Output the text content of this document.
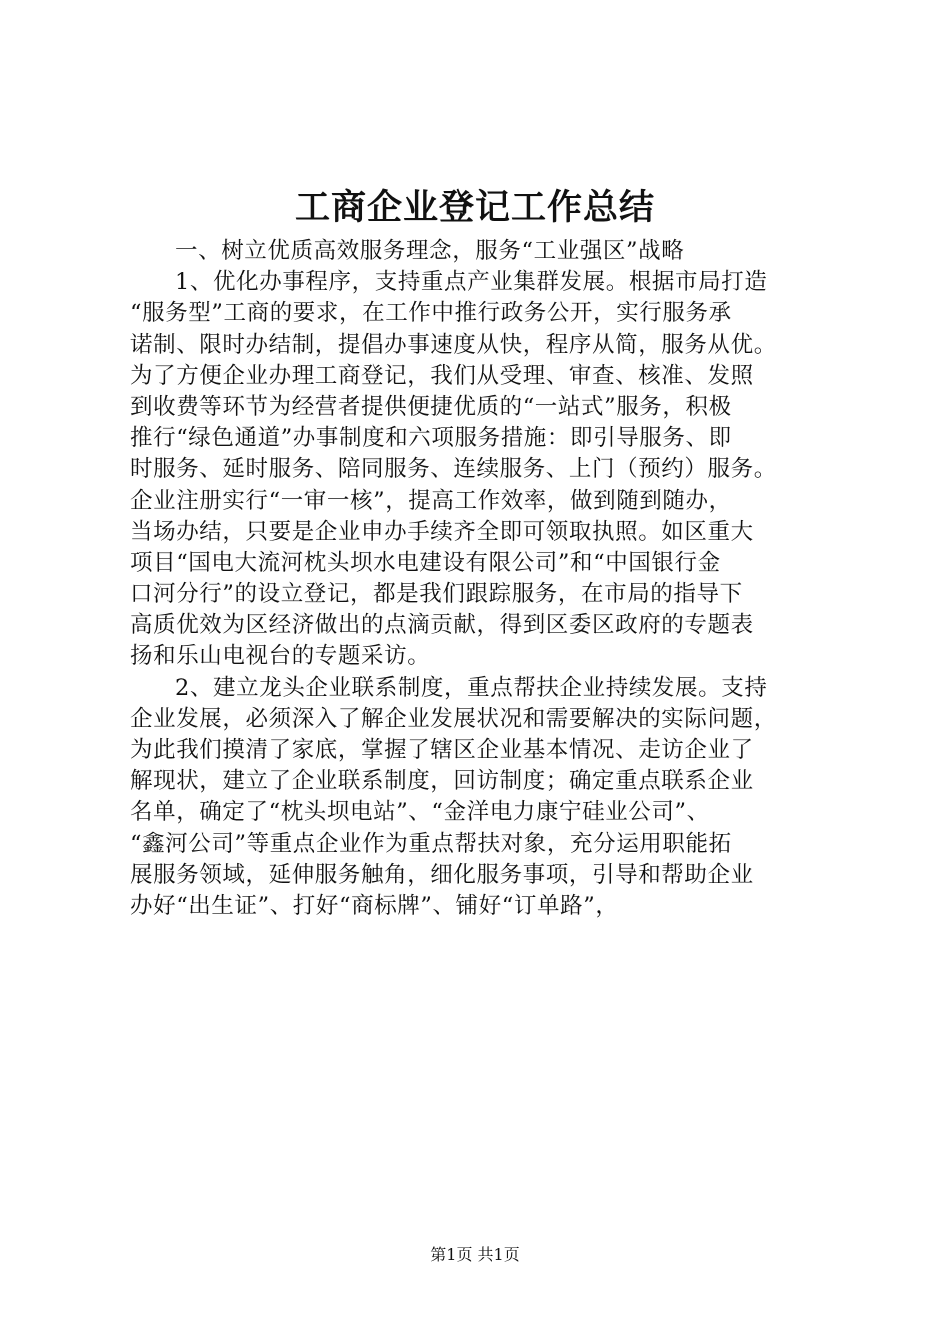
工商企业登记工作总结
一、树立优质高效服务理念，服务“工业强区”战略
1、优化办事程序，支持重点产业集群发展。根据市局打造
“服务型”工商的要求，在工作中推行政务公开，实行服务承
诺制、限时办结制，提倡办事速度从快，程序从简，服务从优。
为了方便企业办理工商登记，我们从受理、审查、核准、发照
到收费等环节为经营者提供便捷优质的“一站式”服务，积极
推行“绿色通道”办事制度和六项服务措施：即引导服务、即
时服务、延时服务、陪同服务、连续服务、上门（预约）服务。
企业注册实行“一审一核”，提高工作效率，做到随到随办，
当场办结，只要是企业申办手续齐全即可领取执照。如区重大
项目“国电大流河枕头坝水电建设有限公司”和“中国银行金
口河分行”的设立登记，都是我们跟踪服务，在市局的指导下
高质优效为区经济做出的点滴贡献，得到区委区政府的专题表
扬和乐山电视台的专题采访。
2、建立龙头企业联系制度，重点帮扶企业持续发展。支持
企业发展，必须深入了解企业发展状况和需要解决的实际问题，
为此我们摸清了家底，掌握了辖区企业基本情况、走访企业了
解现状，建立了企业联系制度，回访制度；确定重点联系企业
名单，确定了“枕头坝电站”、“金洋电力康宁硅业公司”、
“鑫河公司”等重点企业作为重点帮扶对象，充分运用职能拓
展服务领域，延伸服务触角，细化服务事项，引导和帮助企业
办好“出生证”、打好“商标牌”、铺好“订单路”，
第1页 共1页
